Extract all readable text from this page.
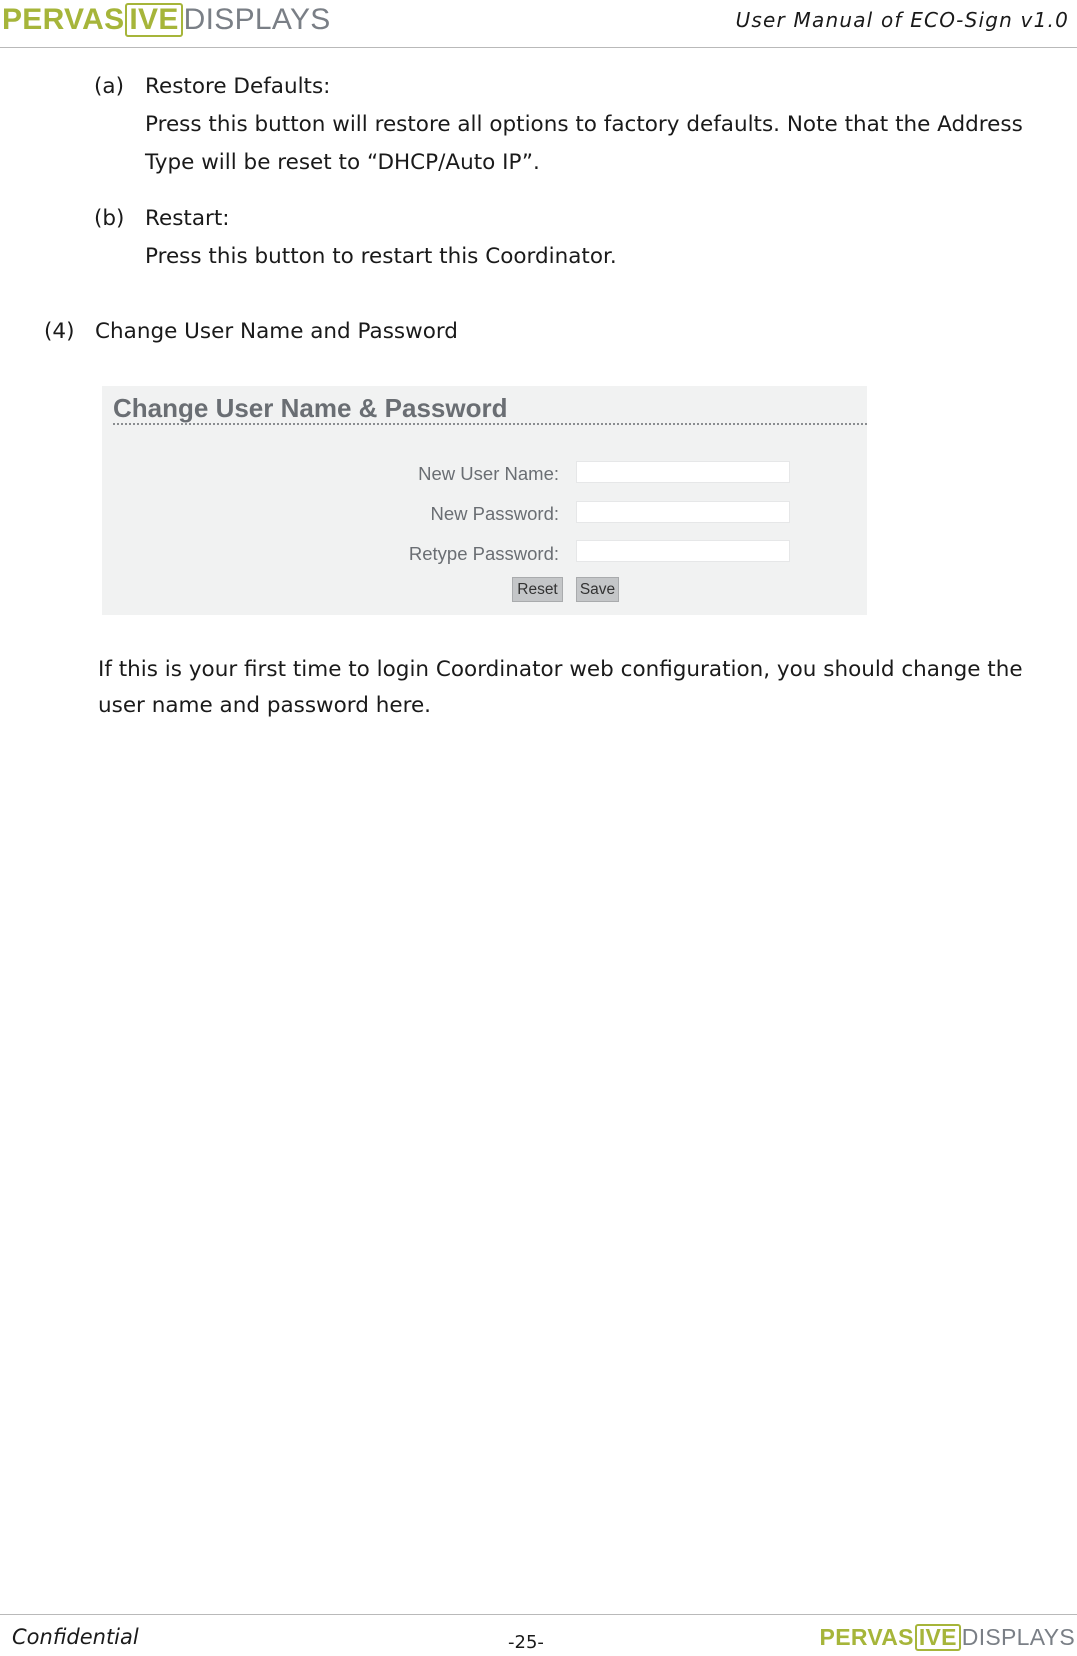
PERVAS IVE DISPLAYS	User Manual of ECO-Sign v1.0
(a) Restore Defaults:
Press this button will restore all options to factory defaults. Note that the Address
Type will be reset to “DHCP/Auto IP”.
(b) Restart:
Press this button to restart this Coordinator.
(4) Change User Name and Password
Change User Name & Password
New User Name:
New Password:
Retype Password:
Reset	Save
If this is your first time to login Coordinator web configuration, you should change the
user name and password here.
Confidential	-25-	PERVAS IVE DISPLAYS
